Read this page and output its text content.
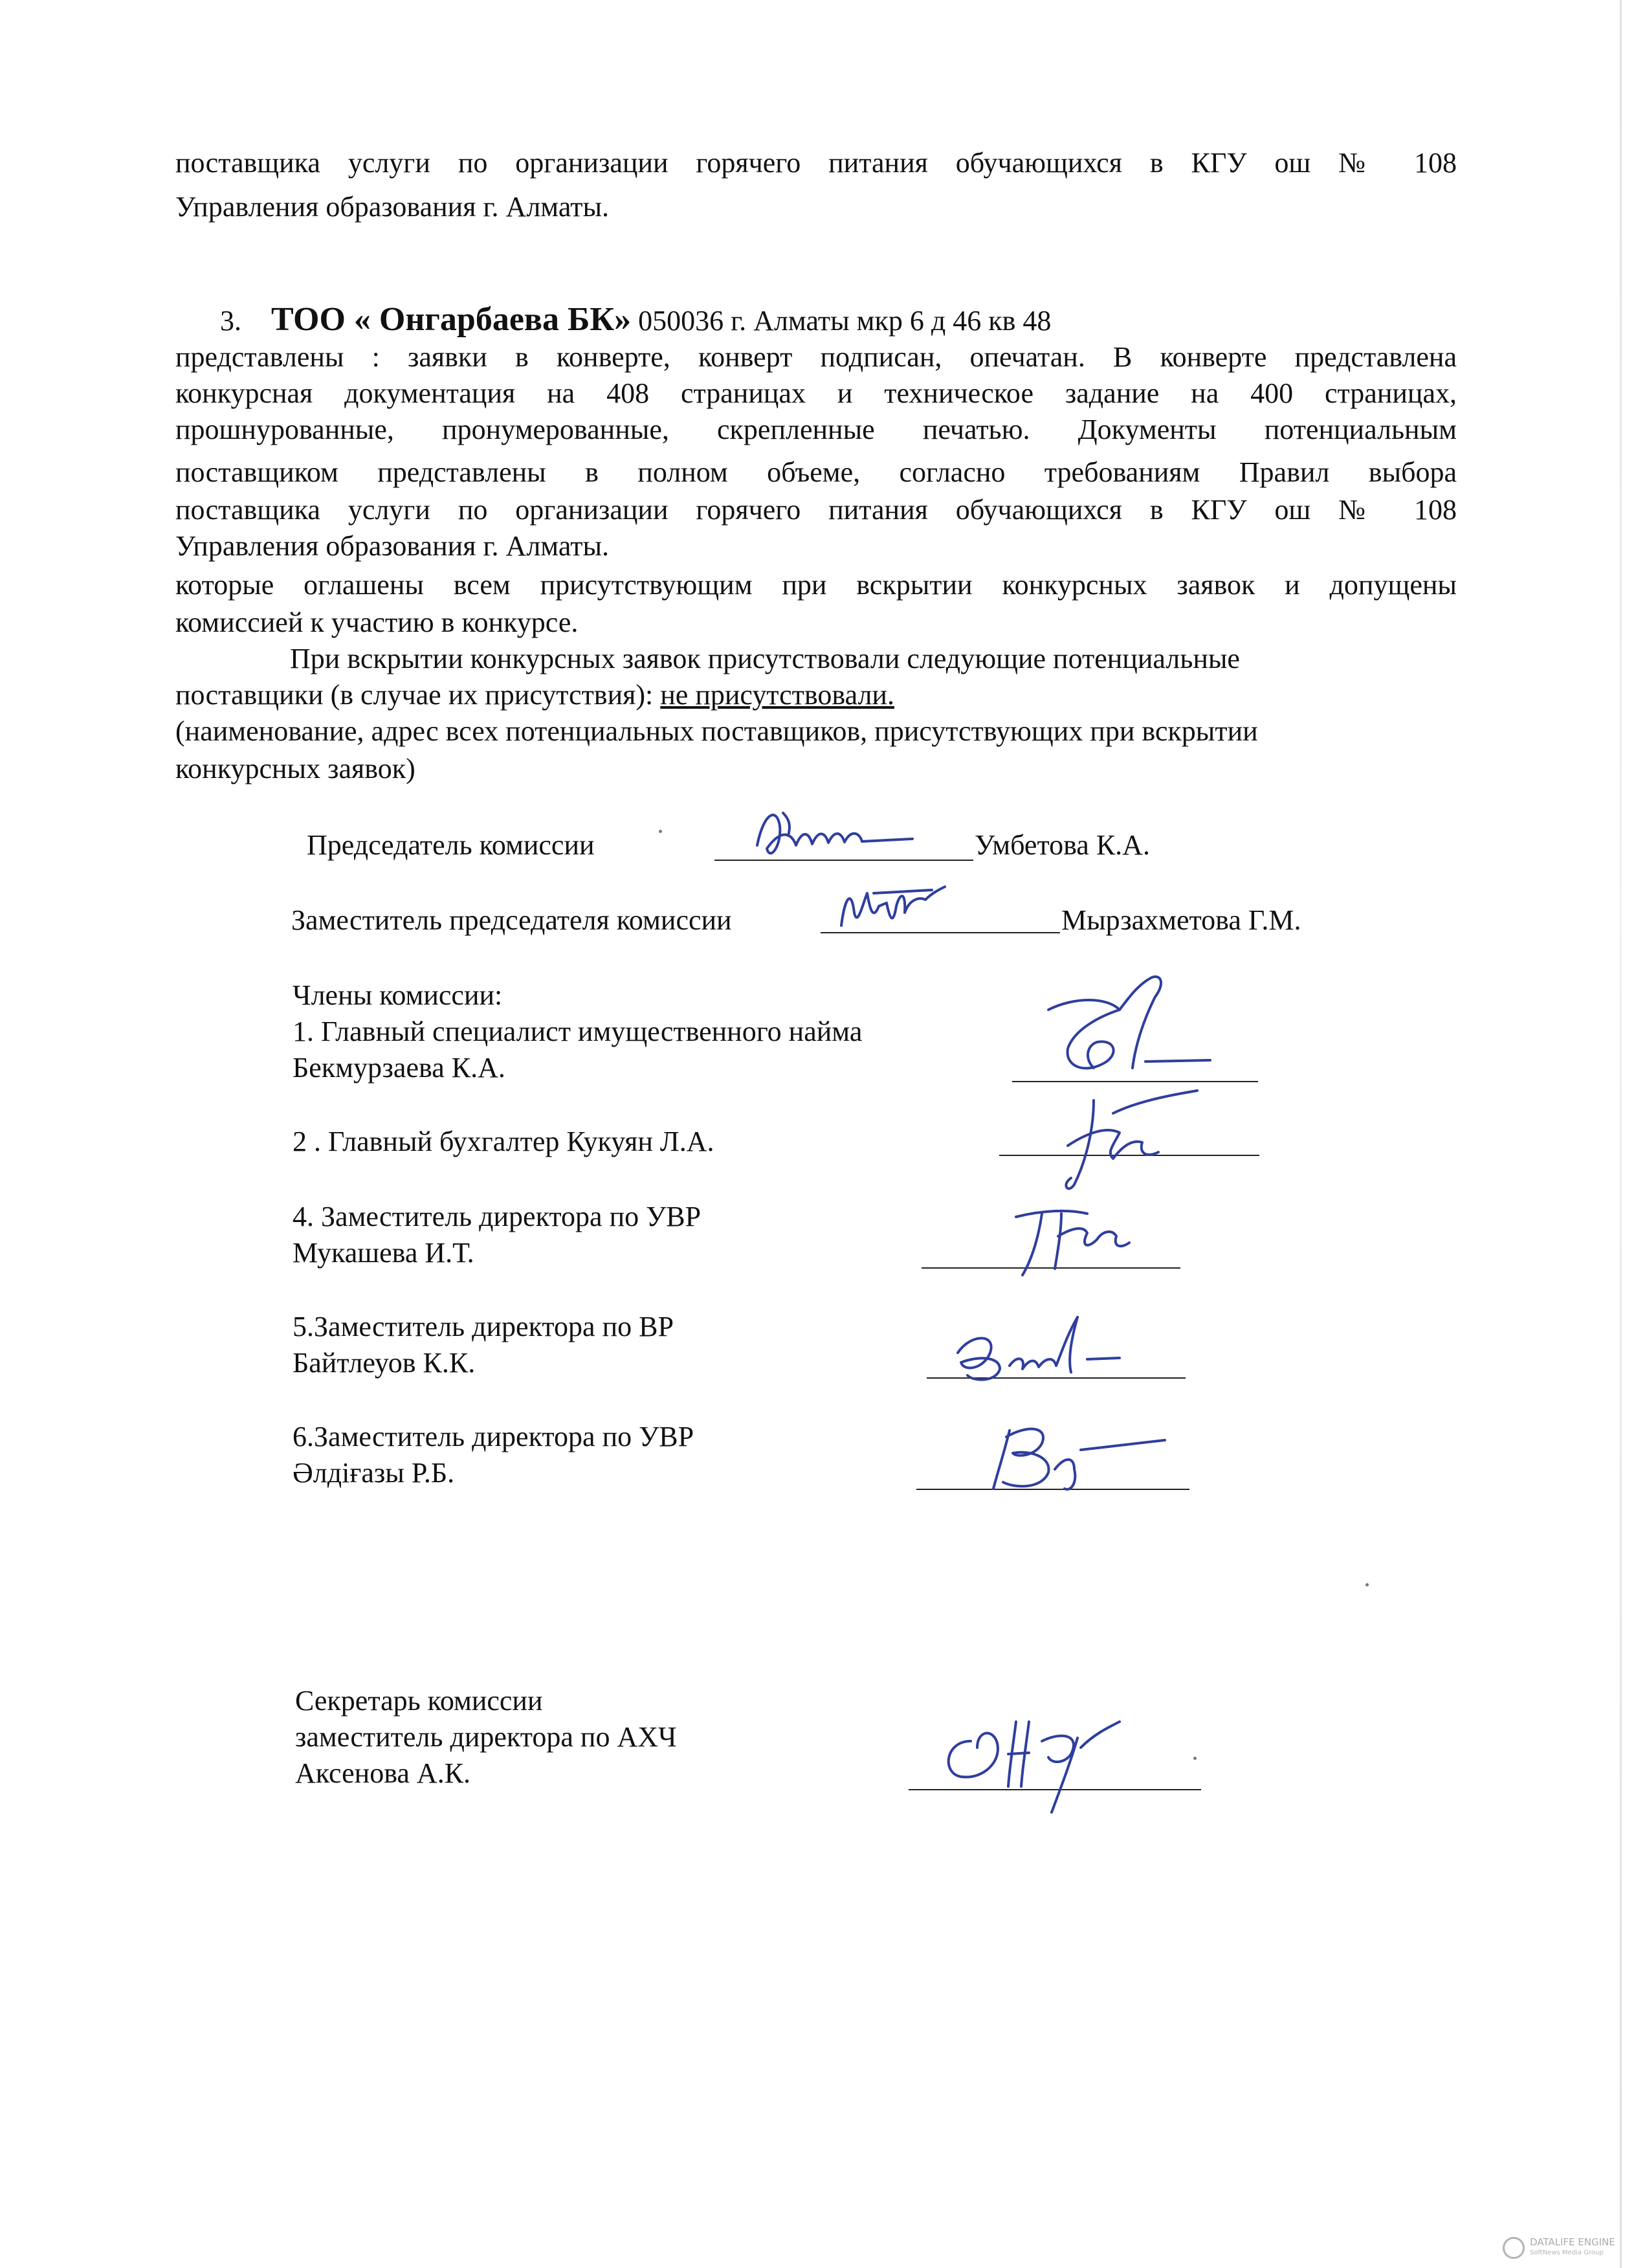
поставщика услуги по организации горячего питания обучающихся в КГУ ош № 108
Управления образования г. Алматы.
3. ТОО « Онгарбаева БК» 050036 г. Алматы мкр 6 д 46 кв 48
представлены : заявки в конверте, конверт подписан, опечатан. В конверте представлена
конкурсная документация на 408 страницах и техническое задание на 400 страницах,
прошнурованные, пронумерованные, скрепленные печатью. Документы потенциальным
поставщиком представлены в полном объеме, согласно требованиям Правил выбора
поставщика услуги по организации горячего питания обучающихся в КГУ ош № 108
Управления образования г. Алматы.
которые оглашены всем присутствующим при вскрытии конкурсных заявок и допущены
комиссией к участию в конкурсе.
При вскрытии конкурсных заявок присутствовали следующие потенциальные
поставщики (в случае их присутствия): не присутствовали.
(наименование, адрес всех потенциальных поставщиков, присутствующих при вскрытии
конкурсных заявок)
Председатель комиссии	Умбетова К.А.
Заместитель председателя комиссии	Мырзахметова Г.М.
Члены комиссии:
1. Главный специалист имущественного найма
Бекмурзаева К.А.
2 . Главный бухгалтер Кукуян Л.А.
4. Заместитель директора по УВР
Мукашева И.Т.
5.Заместитель директора по ВР
Байтлеуов К.К.
6.Заместитель директора по УВР
Әлдіғазы Р.Б.
Секретарь комиссии
заместитель директора по АХЧ
Аксенова А.К.
DATALIFE ENGINE
SoftNews Media Group
